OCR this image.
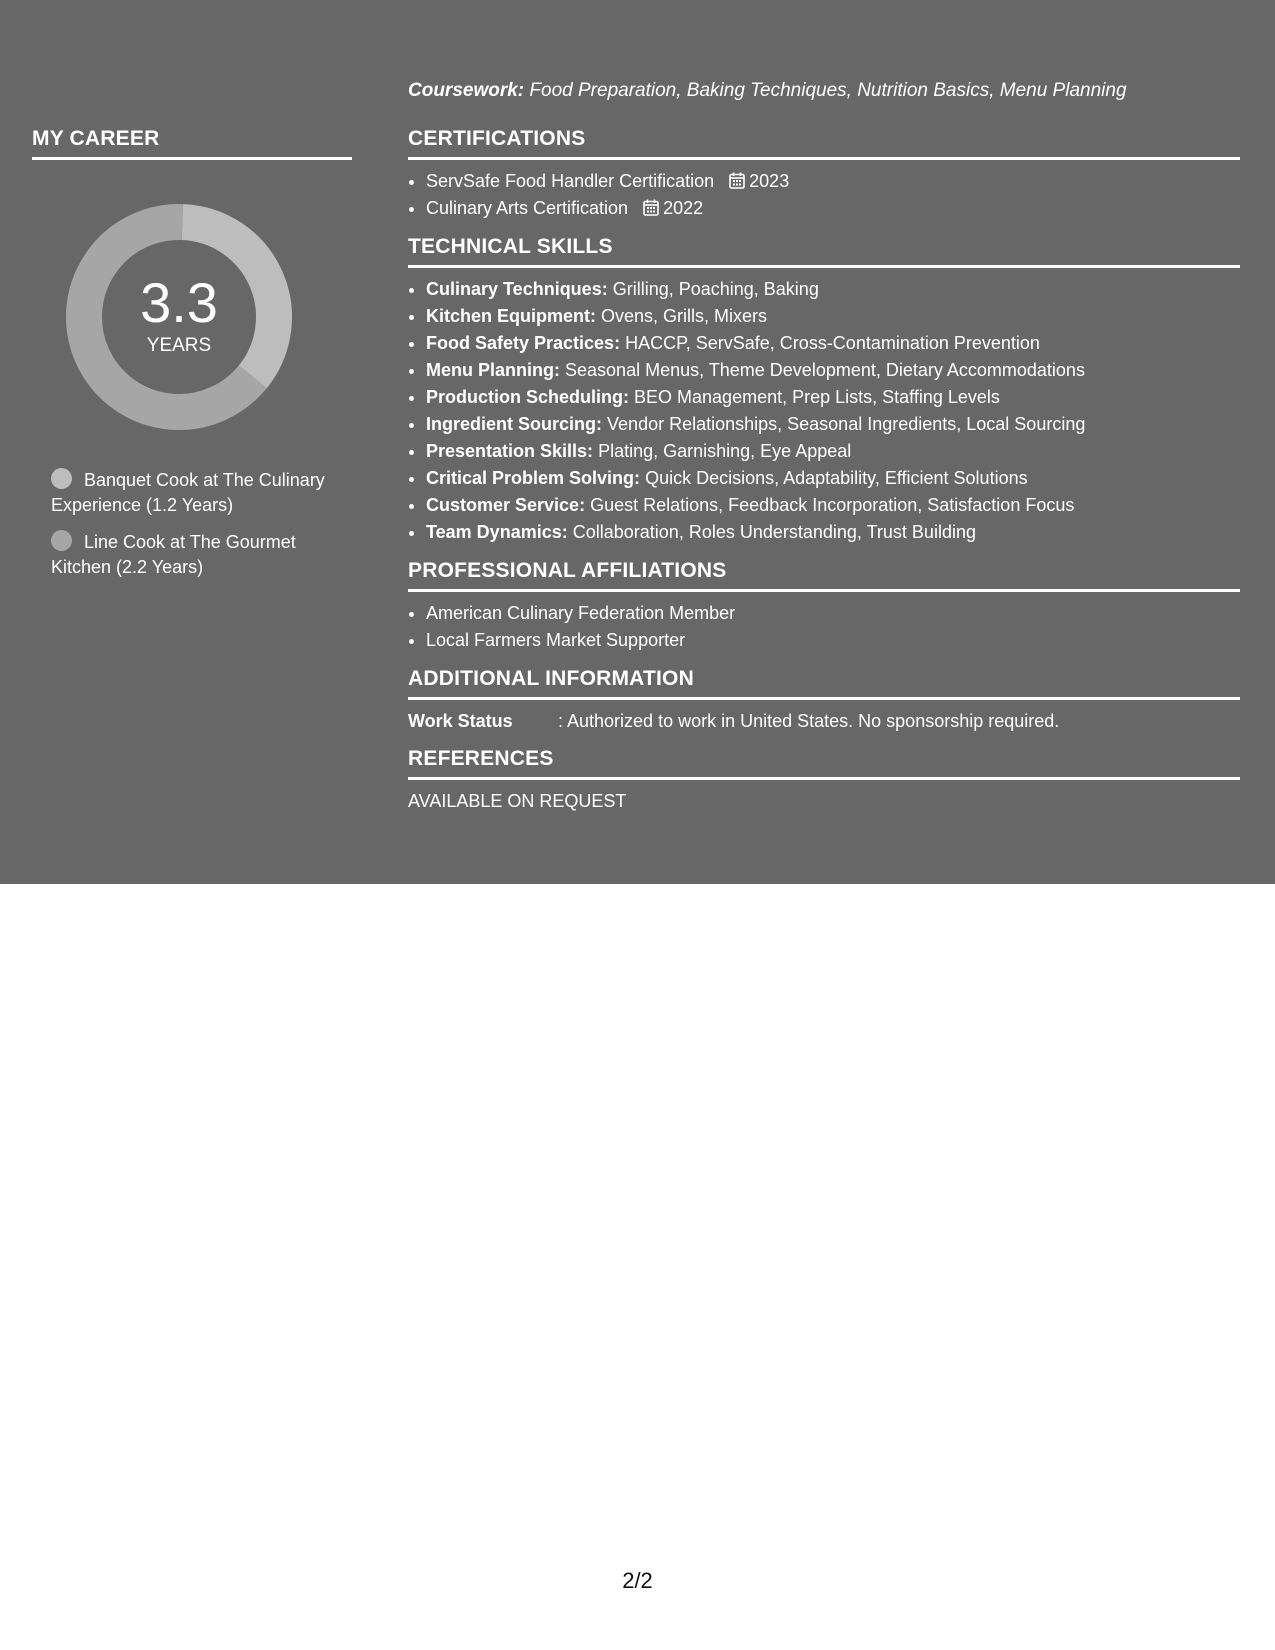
MY CAREER
3.3
YEARS
Banquet Cook at The Culinary Experience (1.2 Years)
Line Cook at The Gourmet Kitchen (2.2 Years)

Coursework: Food Preparation, Baking Techniques, Nutrition Basics, Menu Planning

CERTIFICATIONS
• ServSafe Food Handler Certification 2023
• Culinary Arts Certification 2022
TECHNICAL SKILLS
• Culinary Techniques: Grilling, Poaching, Baking
• Kitchen Equipment: Ovens, Grills, Mixers
• Food Safety Practices: HACCP, ServSafe, Cross-Contamination Prevention
• Menu Planning: Seasonal Menus, Theme Development, Dietary Accommodations
• Production Scheduling: BEO Management, Prep Lists, Staffing Levels
• Ingredient Sourcing: Vendor Relationships, Seasonal Ingredients, Local Sourcing
• Presentation Skills: Plating, Garnishing, Eye Appeal
• Critical Problem Solving: Quick Decisions, Adaptability, Efficient Solutions
• Customer Service: Guest Relations, Feedback Incorporation, Satisfaction Focus
• Team Dynamics: Collaboration, Roles Understanding, Trust Building
PROFESSIONAL AFFILIATIONS
• American Culinary Federation Member
• Local Farmers Market Supporter
ADDITIONAL INFORMATION
Work Status	: Authorized to work in United States. No sponsorship required.
REFERENCES

AVAILABLE ON REQUEST

2/2
